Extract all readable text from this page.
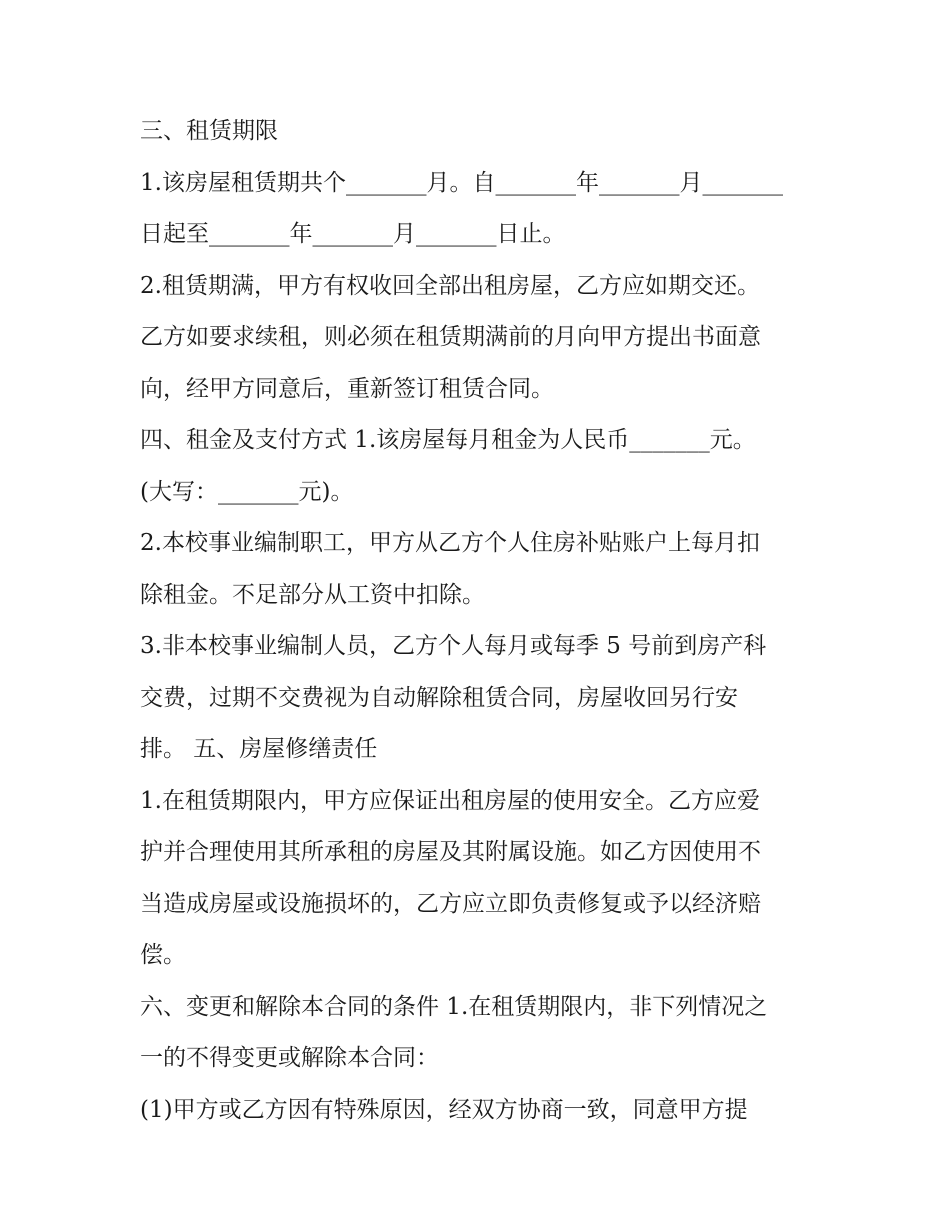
三、租赁期限
1.该房屋租赁期共个_______月。自_______年_______月_______
日起至_______年_______月_______日止。
2.租赁期满，甲方有权收回全部出租房屋，乙方应如期交还。
乙方如要求续租，则必须在租赁期满前的月向甲方提出书面意
向，经甲方同意后，重新签订租赁合同。
四、租金及支付方式 1.该房屋每月租金为人民币_______元。
(大写：_______元)。
2.本校事业编制职工，甲方从乙方个人住房补贴账户上每月扣
除租金。不足部分从工资中扣除。
3.非本校事业编制人员，乙方个人每月或每季 5 号前到房产科
交费，过期不交费视为自动解除租赁合同，房屋收回另行安
排。 五、房屋修缮责任
1.在租赁期限内，甲方应保证出租房屋的使用安全。乙方应爱
护并合理使用其所承租的房屋及其附属设施。如乙方因使用不
当造成房屋或设施损坏的，乙方应立即负责修复或予以经济赔
偿。
六、变更和解除本合同的条件 1.在租赁期限内，非下列情况之
一的不得变更或解除本合同：
(1)甲方或乙方因有特殊原因，经双方协商一致，同意甲方提
